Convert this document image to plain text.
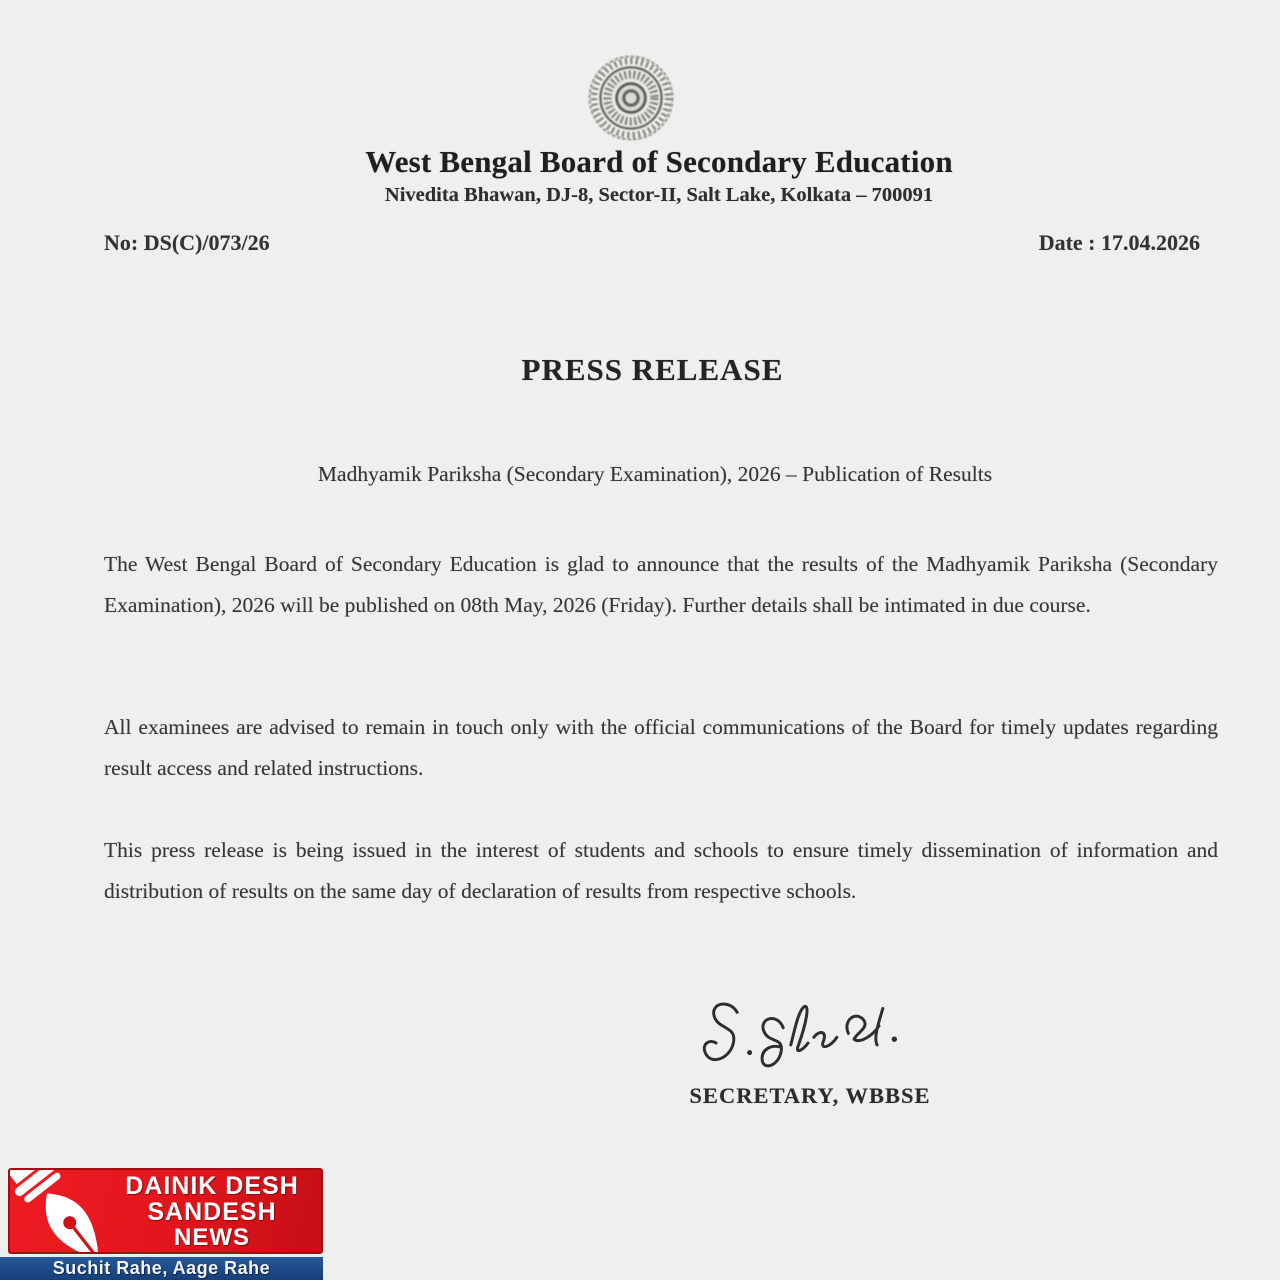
West Bengal Board of Secondary Education
Nivedita Bhawan, DJ-8, Sector-II, Salt Lake, Kolkata – 700091
No: DS(C)/073/26	Date : 17.04.2026
PRESS RELEASE
Madhyamik Pariksha (Secondary Examination), 2026 – Publication of Results

The West Bengal Board of Secondary Education is glad to announce that the results of the Madhyamik Pariksha (Secondary Examination), 2026 will be published on 08th May, 2026 (Friday). Further details shall be intimated in due course.

All examinees are advised to remain in touch only with the official communications of the Board for timely updates regarding result access and related instructions.

This press release is being issued in the interest of students and schools to ensure timely dissemination of information and distribution of results on the same day of declaration of results from respective schools.

SECRETARY, WBBSE
DAINIK DESH
SANDESH
NEWS
Suchit Rahe, Aage Rahe
